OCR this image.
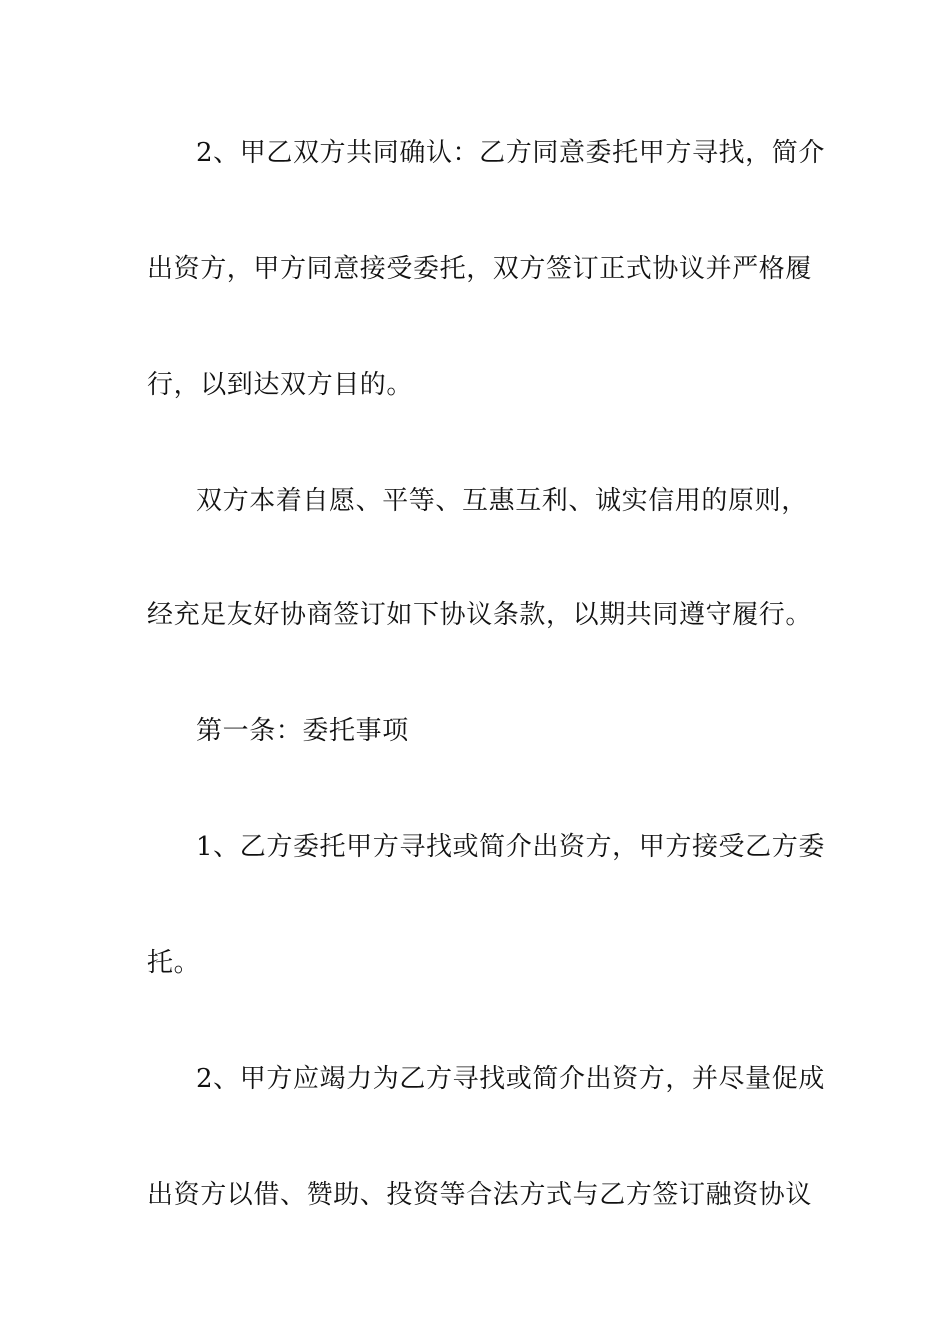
2、甲乙双方共同确认：乙方同意委托甲方寻找，简介
出资方，甲方同意接受委托，双方签订正式协议并严格履
行，以到达双方目的。
双方本着自愿、平等、互惠互利、诚实信用的原则，
经充足友好协商签订如下协议条款，以期共同遵守履行。
第一条：委托事项
1、乙方委托甲方寻找或简介出资方，甲方接受乙方委
托。
2、甲方应竭力为乙方寻找或简介出资方，并尽量促成
出资方以借、赞助、投资等合法方式与乙方签订融资协议
